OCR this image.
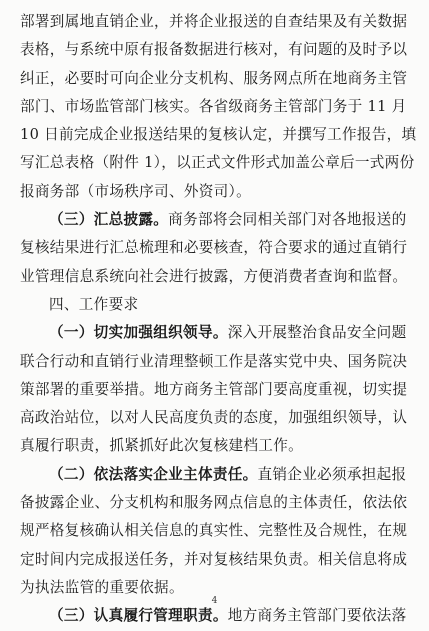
部署到属地直销企业，并将企业报送的自查结果及有关数据
表格，与系统中原有报备数据进行核对，有问题的及时予以
纠正，必要时可向企业分支机构、服务网点所在地商务主管
部门、市场监管部门核实。各省级商务主管部门务于 11 月
10 日前完成企业报送结果的复核认定，并撰写工作报告，填
写汇总表格（附件 1），以正式文件形式加盖公章后一式两份
报商务部（市场秩序司、外资司）。
（三）汇总披露。商务部将会同相关部门对各地报送的
复核结果进行汇总梳理和必要核查，符合要求的通过直销行
业管理信息系统向社会进行披露，方便消费者查询和监督。
四、工作要求
（一）切实加强组织领导。深入开展整治食品安全问题
联合行动和直销行业清理整顿工作是落实党中央、国务院决
策部署的重要举措。地方商务主管部门要高度重视，切实提
高政治站位，以对人民高度负责的态度，加强组织领导，认
真履行职责，抓紧抓好此次复核建档工作。
（二）依法落实企业主体责任。直销企业必须承担起报
备披露企业、分支机构和服务网点信息的主体责任，依法依
规严格复核确认相关信息的真实性、完整性及合规性，在规
定时间内完成报送任务，并对复核结果负责。相关信息将成
为执法监管的重要依据。
（三）认真履行管理职责。地方商务主管部门要依法落
4
